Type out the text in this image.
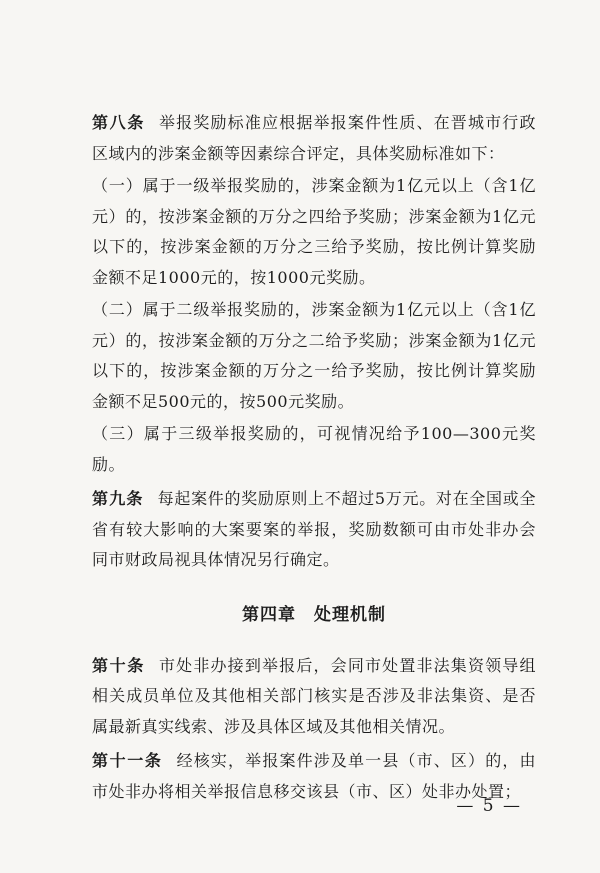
第八条 举报奖励标准应根据举报案件性质、在晋城市行政区域内的涉案金额等因素综合评定，具体奖励标准如下：

（一）属于一级举报奖励的，涉案金额为1亿元以上（含1亿元）的，按涉案金额的万分之四给予奖励；涉案金额为1亿元以下的，按涉案金额的万分之三给予奖励，按比例计算奖励金额不足1000元的，按1000元奖励。

（二）属于二级举报奖励的，涉案金额为1亿元以上（含1亿元）的，按涉案金额的万分之二给予奖励；涉案金额为1亿元以下的，按涉案金额的万分之一给予奖励，按比例计算奖励金额不足500元的，按500元奖励。

（三）属于三级举报奖励的，可视情况给予100—300元奖励。

第九条 每起案件的奖励原则上不超过5万元。对在全国或全省有较大影响的大案要案的举报，奖励数额可由市处非办会同市财政局视具体情况另行确定。

第四章 处理机制

第十条 市处非办接到举报后，会同市处置非法集资领导组相关成员单位及其他相关部门核实是否涉及非法集资、是否属最新真实线索、涉及具体区域及其他相关情况。

第十一条 经核实，举报案件涉及单一县（市、区）的，由市处非办将相关举报信息移交该县（市、区）处非办处置；

— 5 —
